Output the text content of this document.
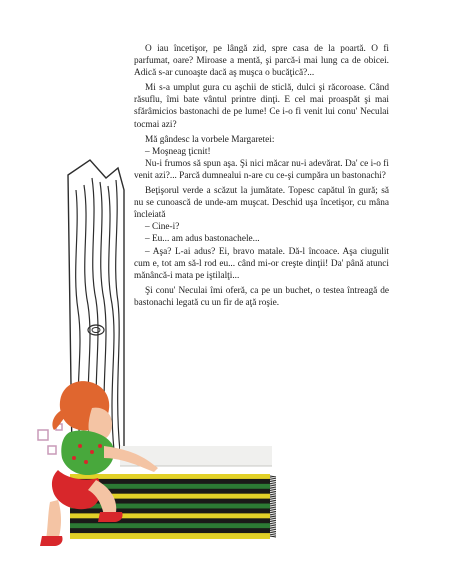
O iau încetişor, pe lângă zid, spre casa de la poartă. O fi parfumat, oare? Miroase a mentă, şi parcă-i mai lung ca de obicei. Adică s-ar cunoaşte dacă aş muşca o bucăţică?...

Mi s-a umplut gura cu aşchii de sticlă, dulci şi răcoroase. Când răsuflu, îmi bate vântul printre dinţi. E cel mai proaspăt şi mai sfărâmicios bastonachi de pe lume! Ce i-o fi venit lui conu' Neculai tocmai azi?

Mă gândesc la vorbele Margaretei:

– Moşneag ţicnit!

Nu-i frumos să spun aşa. Şi nici măcar nu-i adevărat. Da' ce i-o fi venit azi?... Parcă dumnealui n-are cu ce-şi cumpăra un bastonachi?

Beţişorul verde a scăzut la jumătate. Topesc capătul în gură; să nu se cunoască de unde-am muşcat. Deschid uşa încetişor, cu mâna încleiată

– Cine-i?

– Eu... am adus bastonachele...

– Aşa? L-ai adus? Ei, bravo matale. Dă-l încoace. Aşa ciugulit cum e, tot am să-l rod eu... când mi-or creşte dinţii! Da' până atunci mănâncă-i mata pe iştilalţi...

Şi conu' Neculai îmi oferă, ca pe un buchet, o testea întreagă de bastonachi legată cu un fir de aţă roşie.
